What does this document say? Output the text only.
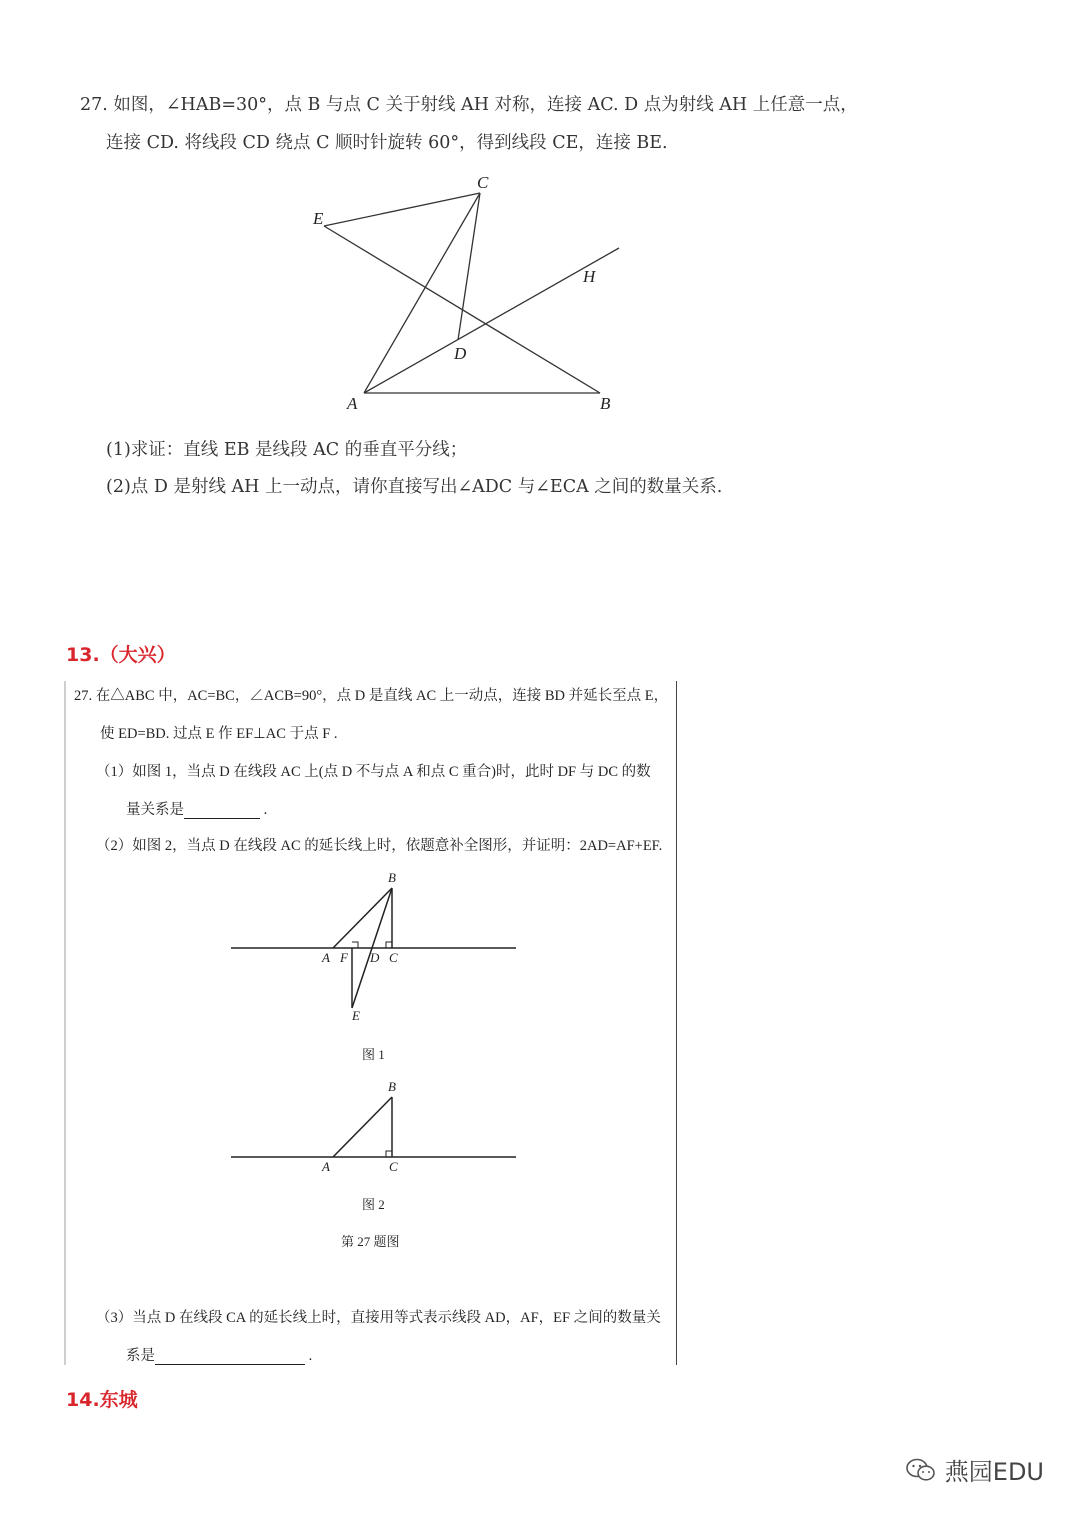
27. 如图，∠HAB=30°，点 B 与点 C 关于射线 AH 对称，连接 AC. D 点为射线 AH 上任意一点，
连接 CD. 将线段 CD 绕点 C 顺时针旋转 60°，得到线段 CE，连接 BE.
C
E
H
D
A	B
(1)求证：直线 EB 是线段 AC 的垂直平分线；
(2)点 D 是射线 AH 上一动点，请你直接写出∠ADC 与∠ECA 之间的数量关系.
13.（大兴）
27. 在△ABC 中，AC=BC，∠ACB=90°，点 D 是直线 AC 上一动点，连接 BD 并延长至点 E，
使 ED=BD. 过点 E 作 EF⊥AC 于点 F .
（1）如图 1，当点 D 在线段 AC 上(点 D 不与点 A 和点 C 重合)时，此时 DF 与 DC 的数
量关系是	.
（2）如图 2，当点 D 在线段 AC 的延长线上时，依题意补全图形，并证明：2AD=AF+EF.
B
A F D C
E
图 1
B
A	C
图 2
第 27 题图
（3）当点 D 在线段 CA 的延长线上时，直接用等式表示线段 AD，AF，EF 之间的数量关
系是	.
14.东城
燕园EDU
